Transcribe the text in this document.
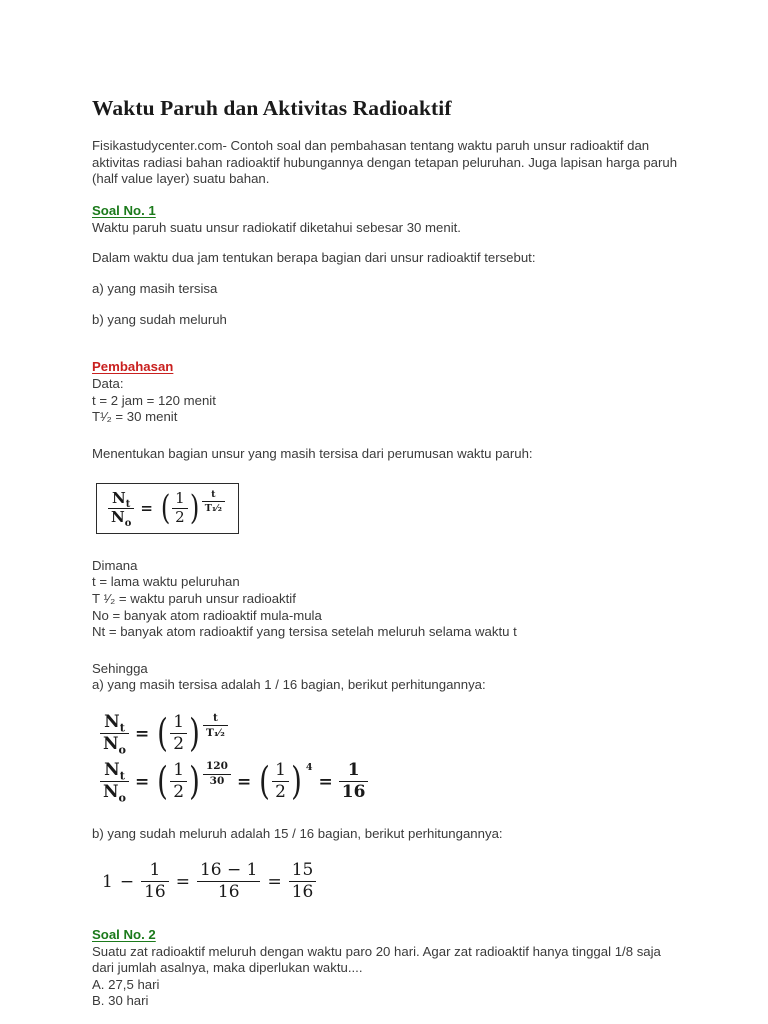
Waktu Paruh dan Aktivitas Radioaktif

Fisikastudycenter.com- Contoh soal dan pembahasan tentang waktu paruh unsur radioaktif dan aktivitas radiasi bahan radioaktif hubungannya dengan tetapan peluruhan. Juga lapisan harga paruh (half value layer) suatu bahan.

Soal No. 1

Waktu paruh suatu unsur radiokatif diketahui sebesar 30 menit.

Dalam waktu dua jam tentukan berapa bagian dari unsur radioaktif tersebut:

a) yang masih tersisa

b) yang sudah meluruh

Pembahasan
Data:
t = 2 jam = 120 menit
T¹⁄₂ = 30 menit

Menentukan bagian unsur yang masih tersisa dari perumusan waktu paruh:

$\frac{N_t}{N_o}$ = ( $\frac{1}{2}$ ) $\frac{t}{\text{T₁⁄₂}}$
Dimana
t = lama waktu peluruhan
T ¹⁄₂ = waktu paruh unsur radioaktif
No = banyak atom radioaktif mula-mula
Nt = banyak atom radioaktif yang tersisa setelah meluruh selama waktu t
Sehingga
a) yang masih tersisa adalah 1 / 16 bagian, berikut perhitungannya:
$\frac{N_t}{N_o}$ = ( $\frac{1}{2}$ ) $\frac{t}{\text{T₁⁄₂}}$
$\frac{N_t}{N_o}$ = ( $\frac{1}{2}$ ) $\frac{120}{30}$ = ( $\frac{1}{2}$ ) 4
= $\frac{1}{16}$

b) yang sudah meluruh adalah 15 / 16 bagian, berikut perhitungannya:

$1 - \frac{1}{16} = \frac{16 - 1}{16} = \frac{15}{16}$
Soal No. 2
Suatu zat radioaktif meluruh dengan waktu paro 20 hari. Agar zat radioaktif hanya tinggal 1/8 saja dari jumlah asalnya, maka diperlukan waktu....
A. 27,5 hari
B. 30 hari
